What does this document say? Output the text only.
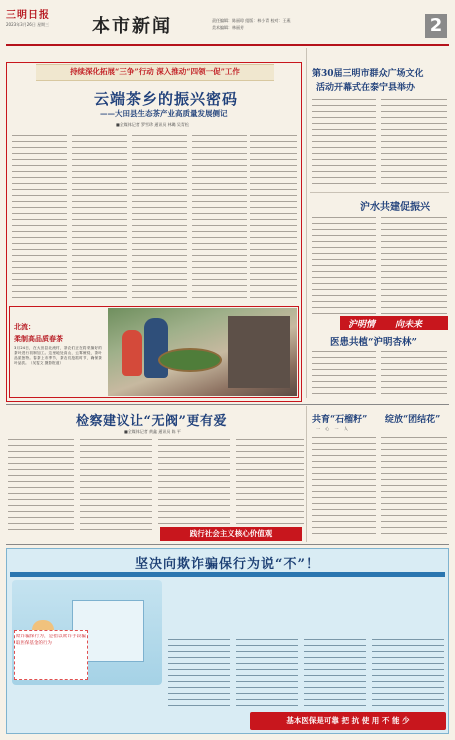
三明日报
2023年3月26日 星期三 本市新闻	责任编辑：陈丽琼 组版：林小青 校对：王燕
美术编辑：林丽芳	2
持续深化拓展“三争”行动 深入推动“四领一促”工作
云端茶乡的振兴密码
——大田县生态茶产业高质量发展侧记
■全媒体记者 罗雪珍 通讯员 林璐 吴青松
北流：
柔制高品质春茶
3月24日，在大田县北流村，茶农们正在将采摘好的茶叶进行初制加工。这里地处高山，云雾缭绕，茶叶品质独特。春茶上市季节，茶农们抢抓时节，确保茶叶品质。（吴雯文 摄影报道）
第30届三明市群众广场文化
活动开幕式在泰宁县举办
沪水共建促振兴
沪明情 向未来
医患共植“沪明杏林”
检察建议让“无阀”更有爱
■全媒体记者 黄鑫 通讯员 陈 平
践行社会主义核心价值观
共育“石榴籽” 绽放“团结花”
一 心 一 人
坚决向欺诈骗保行为说“不”！
欺诈骗保行为，是指以欺诈手段骗取医保基金的行为
基本医保是可靠 把 抗 使 用 不 能 少
